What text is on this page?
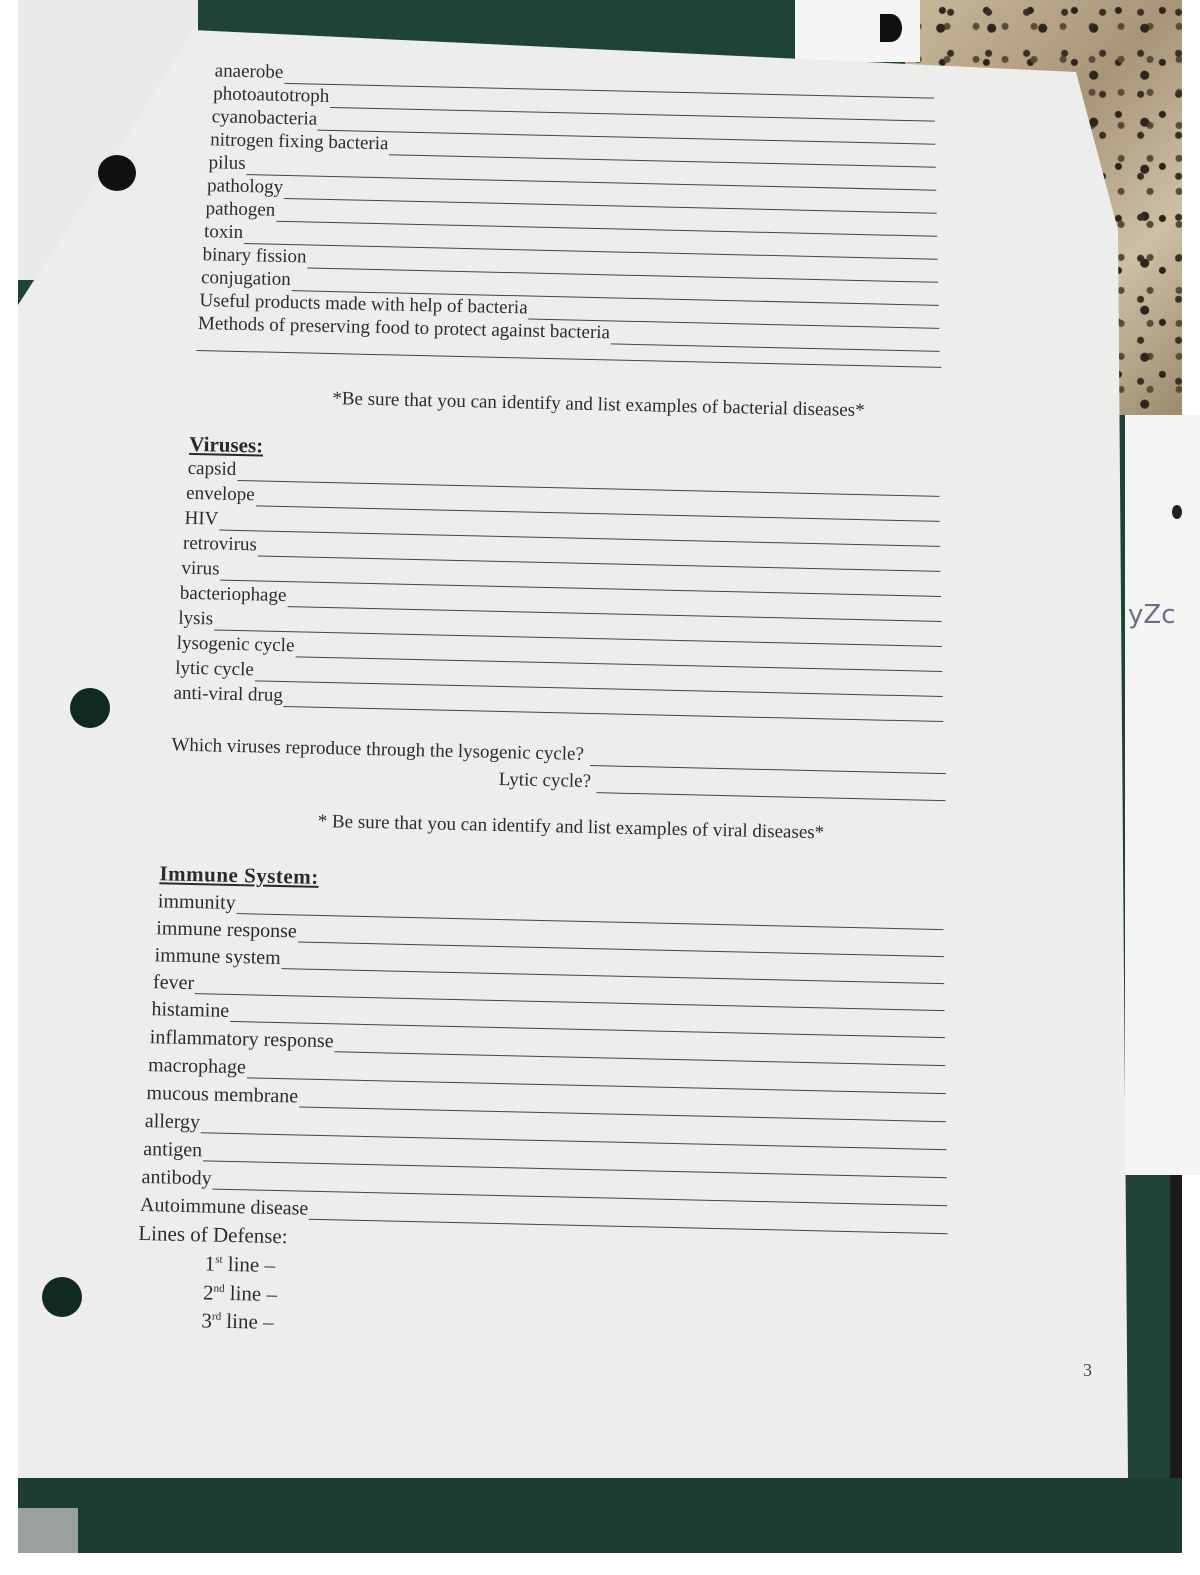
yZc
anaerobe
photoautotroph
cyanobacteria
nitrogen fixing bacteria
pilus
pathology
pathogen
toxin
binary fission
conjugation
Useful products made with help of bacteria
Methods of preserving food to protect against bacteria
*Be sure that you can identify and list examples of bacterial diseases*
Viruses:
capsid
envelope
HIV
retrovirus
virus
bacteriophage
lysis
lysogenic cycle
lytic cycle
anti-viral drug
Which viruses reproduce through the lysogenic cycle?
Lytic cycle?
* Be sure that you can identify and list examples of viral diseases*
Immune System:
immunity
immune response
immune system
fever
histamine
inflammatory response
macrophage
mucous membrane
allergy
antigen
antibody
Autoimmune disease
Lines of Defense:
1st line –
2nd line –
3rd line –
3
